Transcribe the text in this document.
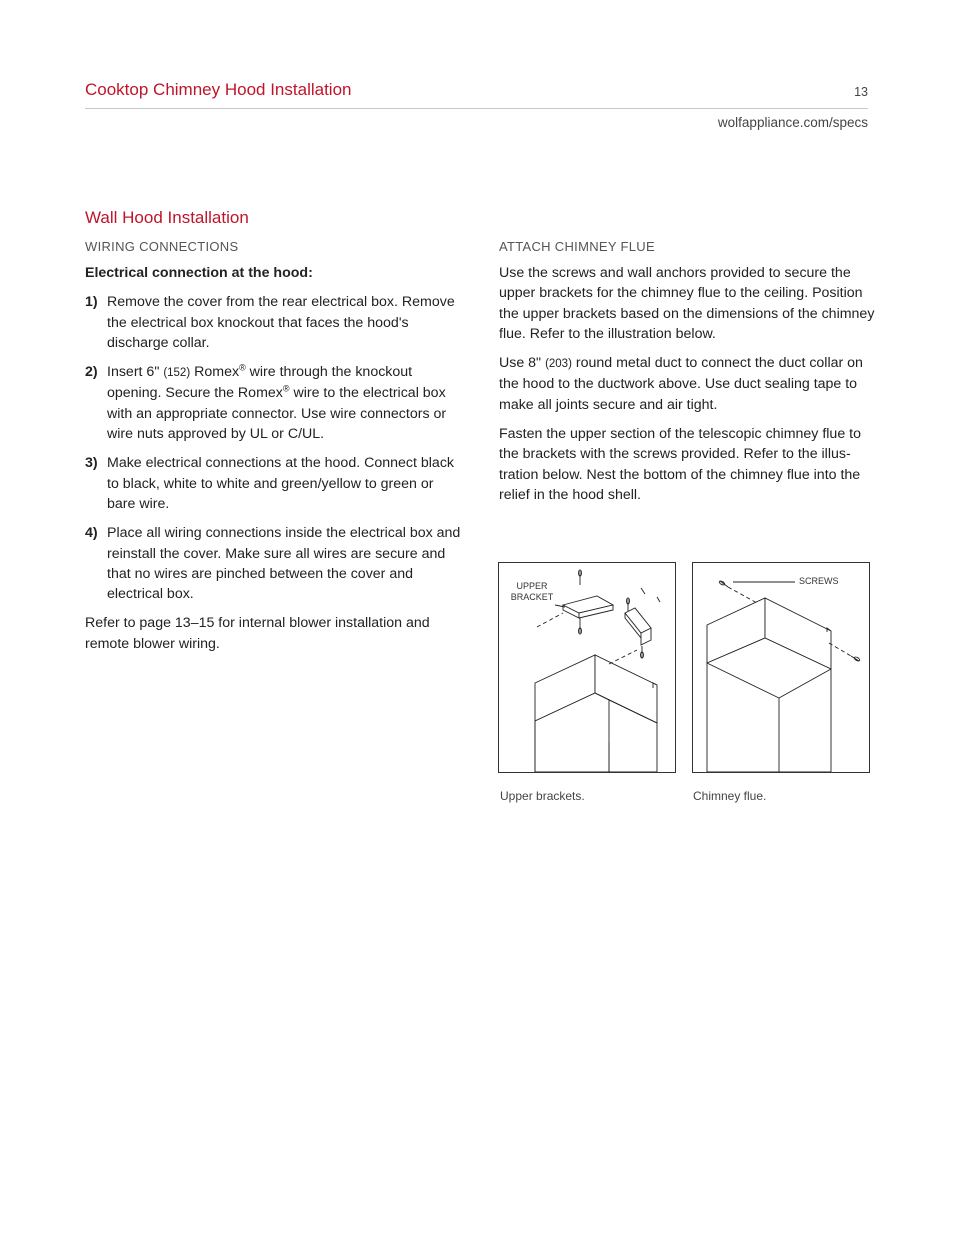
Cooktop Chimney Hood Installation	13
wolfappliance.com/specs
Wall Hood Installation
WIRING CONNECTIONS

Electrical connection at the hood:

1) Remove the cover from the rear electrical box. Remove the electrical box knockout that faces the hood's discharge collar.
2) Insert 6" (152) Romex® wire through the knockout opening. Secure the Romex® wire to the electrical box with an appropriate connector. Use wire connectors or wire nuts approved by UL or C/UL.
3) Make electrical connections at the hood. Connect black to black, white to white and green/yellow to green or bare wire.
4) Place all wiring connections inside the electrical box and reinstall the cover. Make sure all wires are secure and that no wires are pinched between the cover and electrical box.

Refer to page 13–15 for internal blower installation and remote blower wiring.

ATTACH CHIMNEY FLUE

Use the screws and wall anchors provided to secure the upper brackets for the chimney flue to the ceiling. Position the upper brackets based on the dimensions of the chimney flue. Refer to the illustration below.

Use 8" (203) round metal duct to connect the duct collar on the hood to the ductwork above. Use duct sealing tape to make all joints secure and air tight.

Fasten the upper section of the telescopic chimney flue to the brackets with the screws provided. Refer to the illus-tration below. Nest the bottom of the chimney flue into the relief in the hood shell.

UPPER
BRACKET
Upper brackets.
SCREWS
Chimney flue.
